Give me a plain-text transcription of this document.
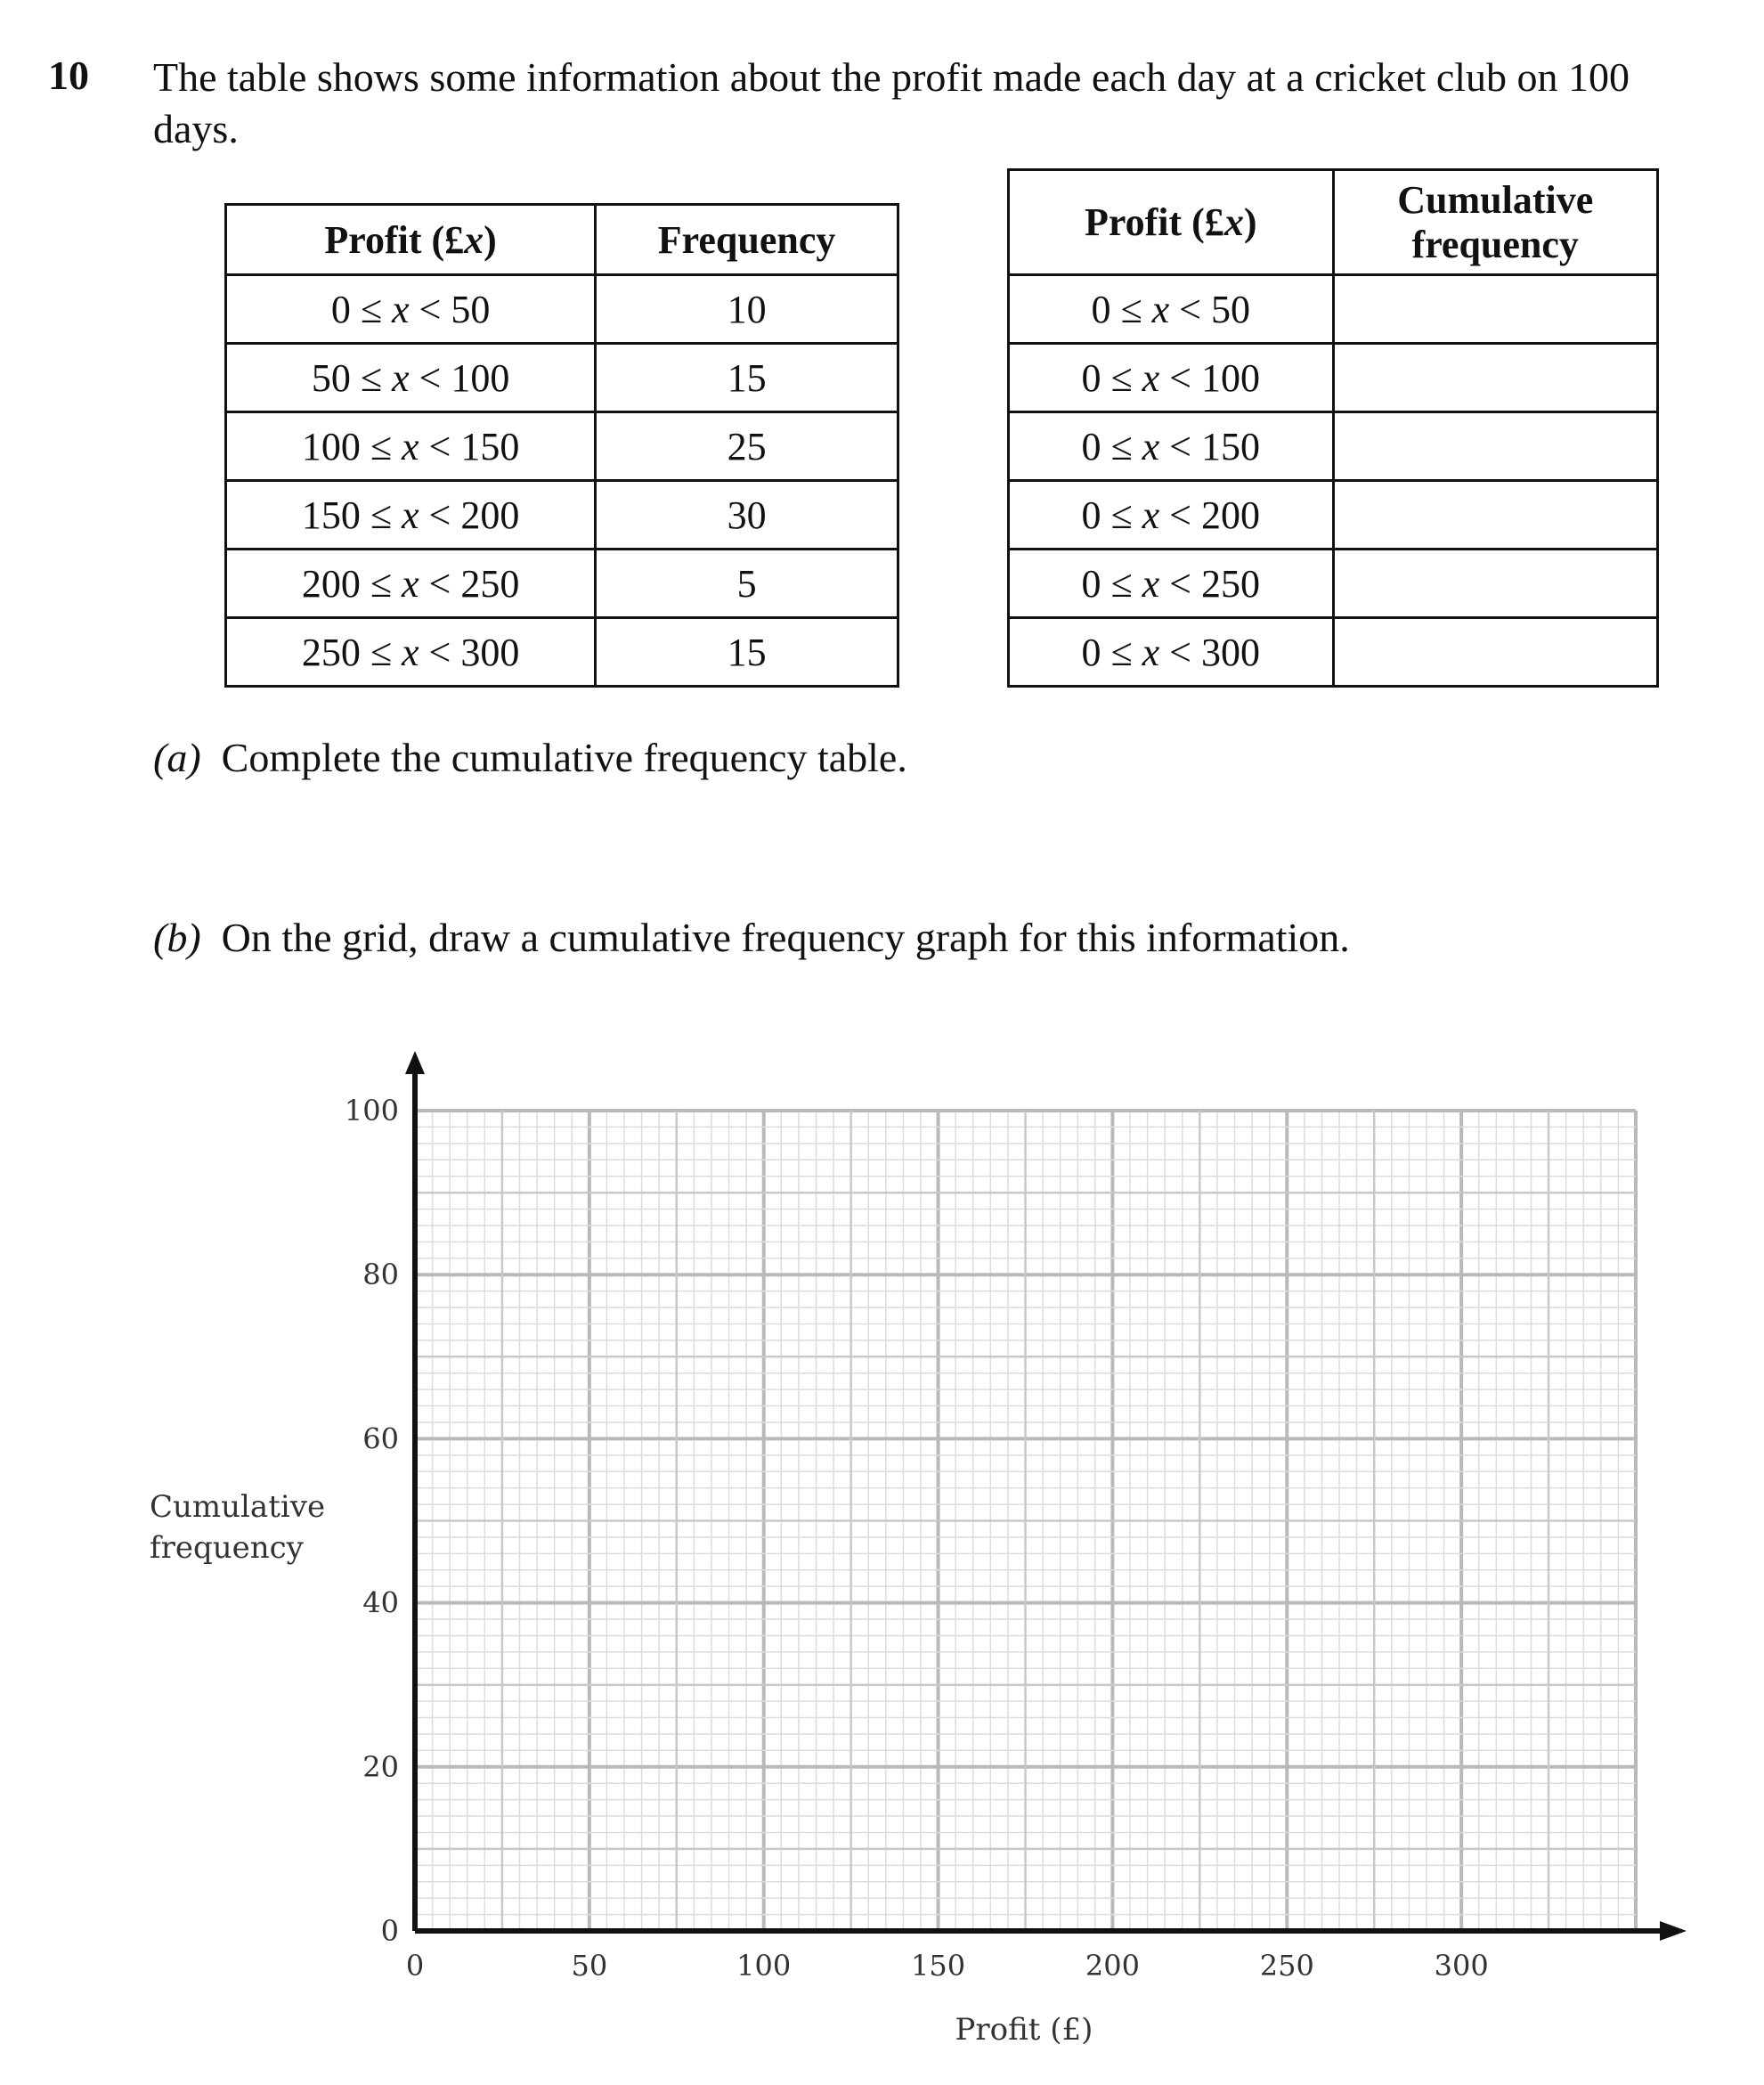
10 The table shows some information about the profit made each day at a cricket club on 100 days.
Profit (£x)	Frequency
0 ≤ x < 50	10
50 ≤ x < 100	15
100 ≤ x < 150	25
150 ≤ x < 200	30
200 ≤ x < 250	5
250 ≤ x < 300	15
Profit (£x)	Cumulative frequency
0 ≤ x < 50	
0 ≤ x < 100	
0 ≤ x < 150	
0 ≤ x < 200	
0 ≤ x < 250	
0 ≤ x < 300	
(a) Complete the cumulative frequency table.
(b) On the grid, draw a cumulative frequency graph for this information.
0	50	100	150	200	250	300
0
20
40
60
80
100
Profit (£)
Cumulative
frequency
